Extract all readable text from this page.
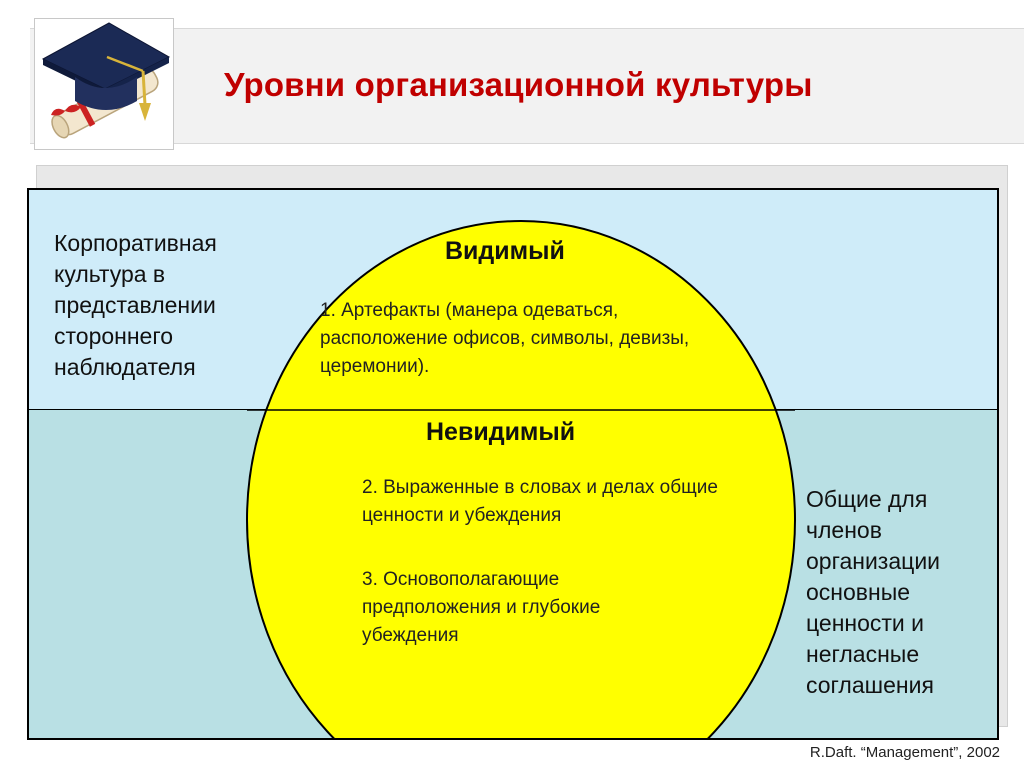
Уровни организационной культуры
Корпоративная культура в представлении стороннего наблюдателя
Общие для членов организации основные ценности и негласные соглашения
Видимый
Невидимый
1. Артефакты (манера одеваться, расположение офисов, символы, девизы, церемонии).
2. Выраженные в словах и делах общие ценности и убеждения
3. Основополагающие предположения и глубокие убеждения
R.Daft. “Management”, 2002
